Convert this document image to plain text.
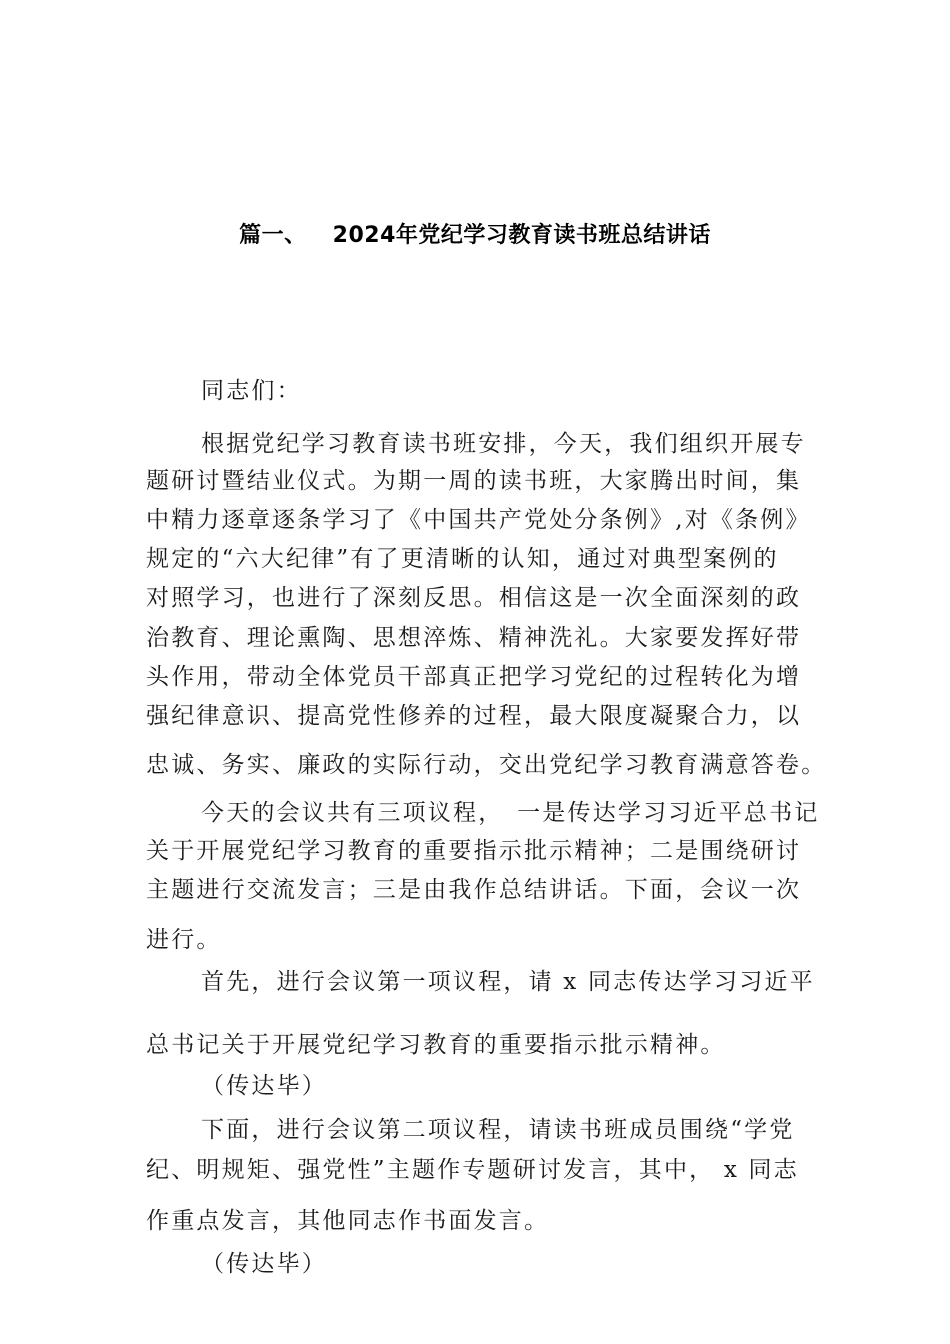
篇一、 2024年党纪学习教育读书班总结讲话
同志们：
根据党纪学习教育读书班安排，今天，我们组织开展专
题研讨暨结业仪式。为期一周的读书班，大家腾出时间，集
中精力逐章逐条学习了《中国共产党处分条例》,对《条例》
规定的“六大纪律”有了更清晰的认知，通过对典型案例的
对照学习，也进行了深刻反思。相信这是一次全面深刻的政
治教育、理论熏陶、思想淬炼、精神洗礼。大家要发挥好带
头作用，带动全体党员干部真正把学习党纪的过程转化为增
强纪律意识、提高党性修养的过程，最大限度凝聚合力，以
忠诚、务实、廉政的实际行动，交出党纪学习教育满意答卷。
今天的会议共有三项议程，　一是传达学习习近平总书记
关于开展党纪学习教育的重要指示批示精神；二是围绕研讨
主题进行交流发言；三是由我作总结讲话。下面，会议一次
进行。
首先，进行会议第一项议程，请 x 同志传达学习习近平
总书记关于开展党纪学习教育的重要指示批示精神。
（传达毕）
下面，进行会议第二项议程，请读书班成员围绕“学党
纪、明规矩、强党性”主题作专题研讨发言，其中， x 同志
作重点发言，其他同志作书面发言。
（传达毕）
